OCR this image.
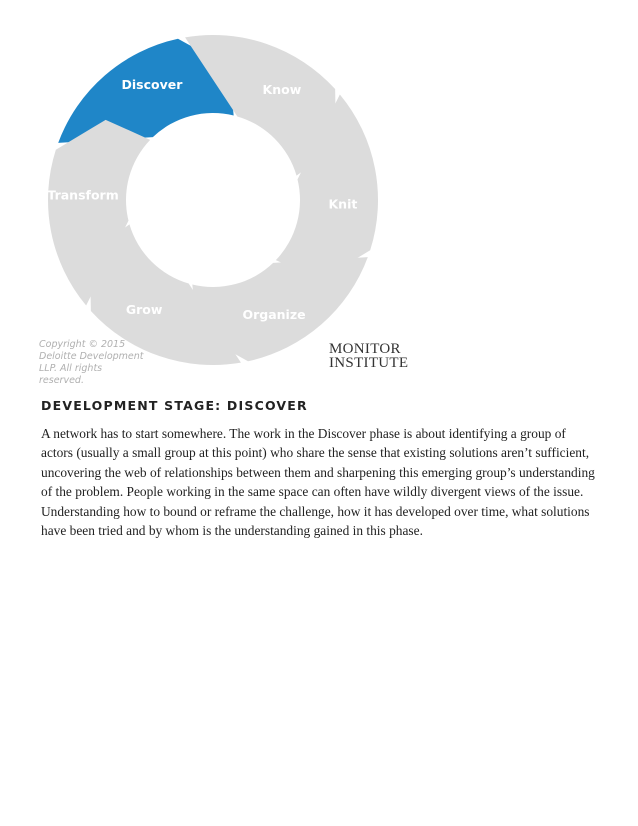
Discover	Know
Knit
Organize
Grow
Transform
Copyright © 2015 Deloitte Development LLP. All rights reserved.
MONITOR
INSTITUTE
DEVELOPMENT STAGE: DISCOVER

A network has to start somewhere. The work in the Discover phase is about identifying a group of actors (usually a small group at this point) who share the sense that existing solutions aren’t sufficient, uncovering the web of relationships between them and sharpening this emerging group’s understanding of the problem. People working in the same space can often have wildly divergent views of the issue. Understanding how to bound or reframe the challenge, how it has developed over time, what solutions have been tried and by whom is the understanding gained in this phase.
